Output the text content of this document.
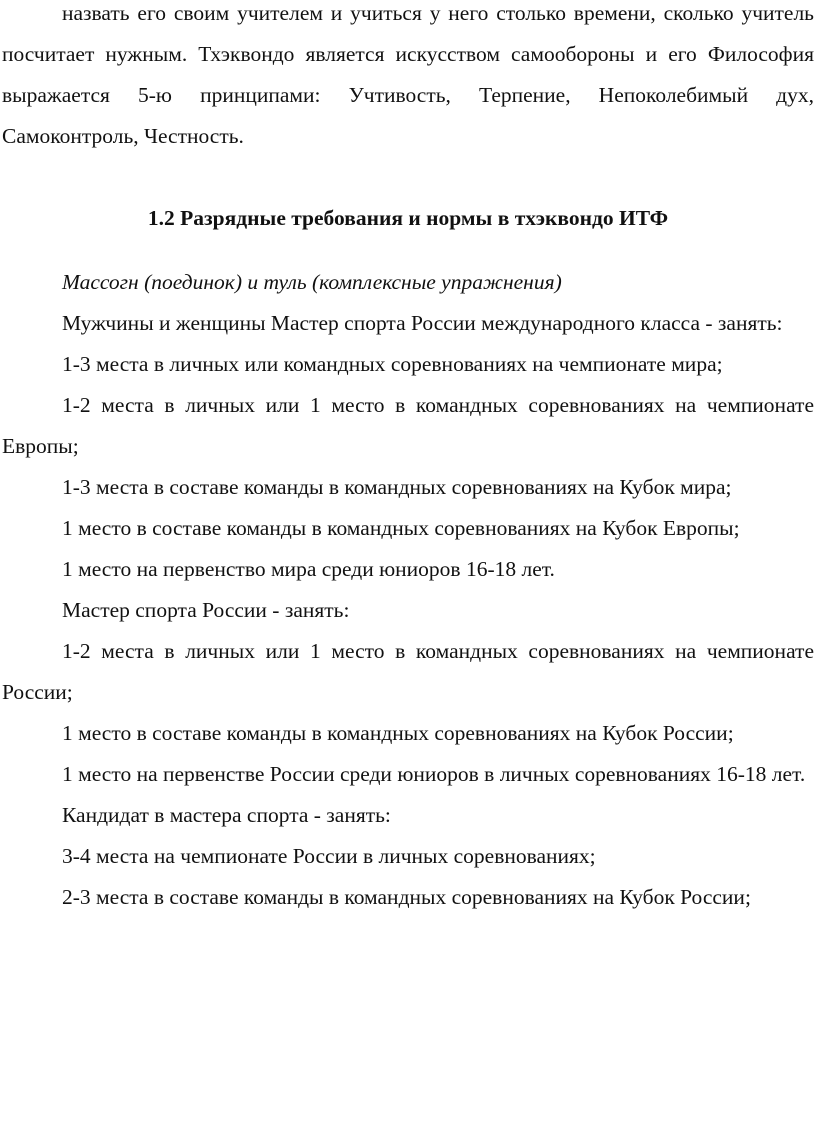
назвать его своим учителем и учиться у него столько времени, сколько учитель посчитает нужным. Тхэквондо является искусством самообороны и его Философия выражается 5-ю принципами: Учтивость, Терпение, Непоколебимый дух, Самоконтроль, Честность.

1.2 Разрядные требования и нормы в тхэквондо ИТФ

Массогн (поединок) и туль (комплексные упражнения)

Мужчины и женщины Мастер спорта России международного класса - занять:

1-3 места в личных или командных соревнованиях на чемпионате мира;

1-2 места в личных или 1 место в командных соревнованиях на чемпионате Европы;

1-3 места в составе команды в командных соревнованиях на Кубок мира;

1 место в составе команды в командных соревнованиях на Кубок Европы;

1 место на первенство мира среди юниоров 16-18 лет.

Мастер спорта России - занять:

1-2 места в личных или 1 место в командных соревнованиях на чемпионате России;

1 место в составе команды в командных соревнованиях на Кубок России;

1 место на первенстве России среди юниоров в личных соревнованиях 16-18 лет.

Кандидат в мастера спорта - занять:

3-4 места на чемпионате России в личных соревнованиях;

2-3 места в составе команды в командных соревнованиях на Кубок России;
